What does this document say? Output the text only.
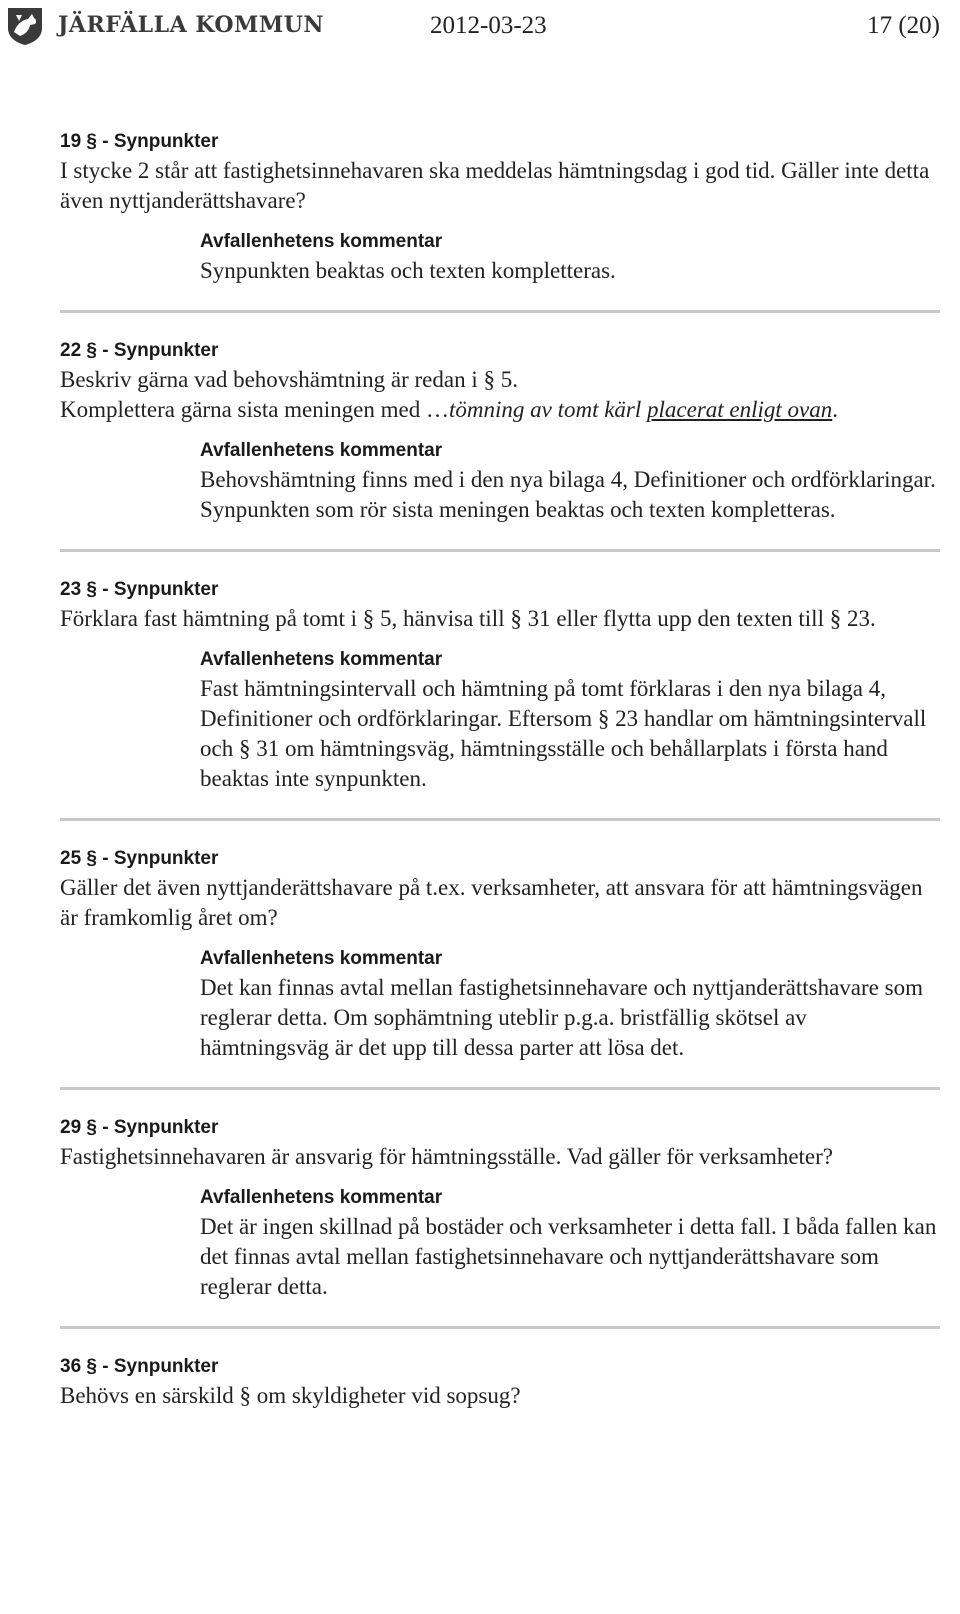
JÄRFÄLLA KOMMUN	2012-03-23	17 (20)
19 § - Synpunkter
I stycke 2 står att fastighetsinnehavaren ska meddelas hämtningsdag i god tid. Gäller inte detta även nyttjanderättshavare?
Avfallenhetens kommentar
Synpunkten beaktas och texten kompletteras.
22 § - Synpunkter
Beskriv gärna vad behovshämtning är redan i § 5.
Komplettera gärna sista meningen med …tömning av tomt kärl placerat enligt ovan.
Avfallenhetens kommentar
Behovshämtning finns med i den nya bilaga 4, Definitioner och ordförklaringar. Synpunkten som rör sista meningen beaktas och texten kompletteras.
23 § - Synpunkter
Förklara fast hämtning på tomt i § 5, hänvisa till § 31 eller flytta upp den texten till § 23.
Avfallenhetens kommentar
Fast hämtningsintervall och hämtning på tomt förklaras i den nya bilaga 4, Definitioner och ordförklaringar. Eftersom § 23 handlar om hämtningsintervall och § 31 om hämtningsväg, hämtningsställe och behållarplats i första hand beaktas inte synpunkten.
25 § - Synpunkter
Gäller det även nyttjanderättshavare på t.ex. verksamheter, att ansvara för att hämtningsvägen är framkomlig året om?
Avfallenhetens kommentar
Det kan finnas avtal mellan fastighetsinnehavare och nyttjanderättshavare som reglerar detta. Om sophämtning uteblir p.g.a. bristfällig skötsel av hämtningsväg är det upp till dessa parter att lösa det.
29 § - Synpunkter
Fastighetsinnehavaren är ansvarig för hämtningsställe. Vad gäller för verksamheter?
Avfallenhetens kommentar
Det är ingen skillnad på bostäder och verksamheter i detta fall. I båda fallen kan det finnas avtal mellan fastighetsinnehavare och nyttjanderättshavare som reglerar detta.
36 § - Synpunkter
Behövs en särskild § om skyldigheter vid sopsug?
